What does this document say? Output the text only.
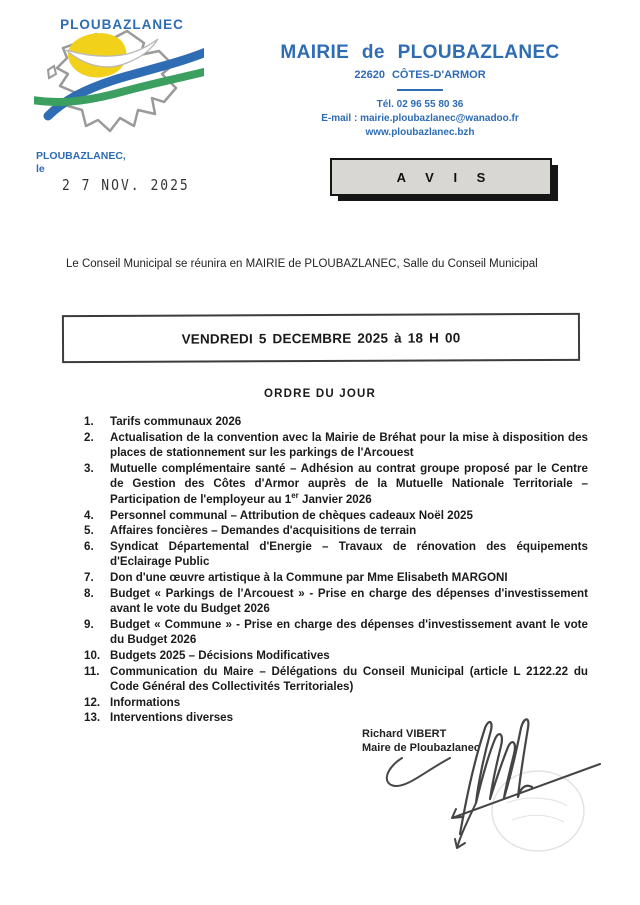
PLOUBAZLANEC
MAIRIE de PLOUBAZLANEC
22620 CÔTES-D'ARMOR
Tél. 02 96 55 80 36
E-mail : mairie.ploubazlanec@wanadoo.fr
www.ploubazlanec.bzh
PLOUBAZLANEC,
le
2 7 NOV. 2025	A V I S
Le Conseil Municipal se réunira en MAIRIE de PLOUBAZLANEC, Salle du Conseil Municipal
VENDREDI 5 DECEMBRE 2025 à 18 H 00
ORDRE DU JOUR
1.	Tarifs communaux 2026
2.	Actualisation de la convention avec la Mairie de Bréhat pour la mise à disposition des places de stationnement sur les parkings de l'Arcouest
3.	Mutuelle complémentaire santé – Adhésion au contrat groupe proposé par le Centre de Gestion des Côtes d'Armor auprès de la Mutuelle Nationale Territoriale – Participation de l'employeur au 1er Janvier 2026
4.	Personnel communal – Attribution de chèques cadeaux Noël 2025
5.	Affaires foncières – Demandes d'acquisitions de terrain
6.	Syndicat Départemental d'Energie – Travaux de rénovation des équipements d'Eclairage Public
7.	Don d'une œuvre artistique à la Commune par Mme Elisabeth MARGONI
8.	Budget « Parkings de l'Arcouest » - Prise en charge des dépenses d'investissement avant le vote du Budget 2026
9.	Budget « Commune » - Prise en charge des dépenses d'investissement avant le vote du Budget 2026
10. Budgets 2025 – Décisions Modificatives
11. Communication du Maire – Délégations du Conseil Municipal (article L 2122.22 du Code Général des Collectivités Territoriales)
12. Informations
13. Interventions diverses
Richard VIBERT
Maire de Ploubazlanec
